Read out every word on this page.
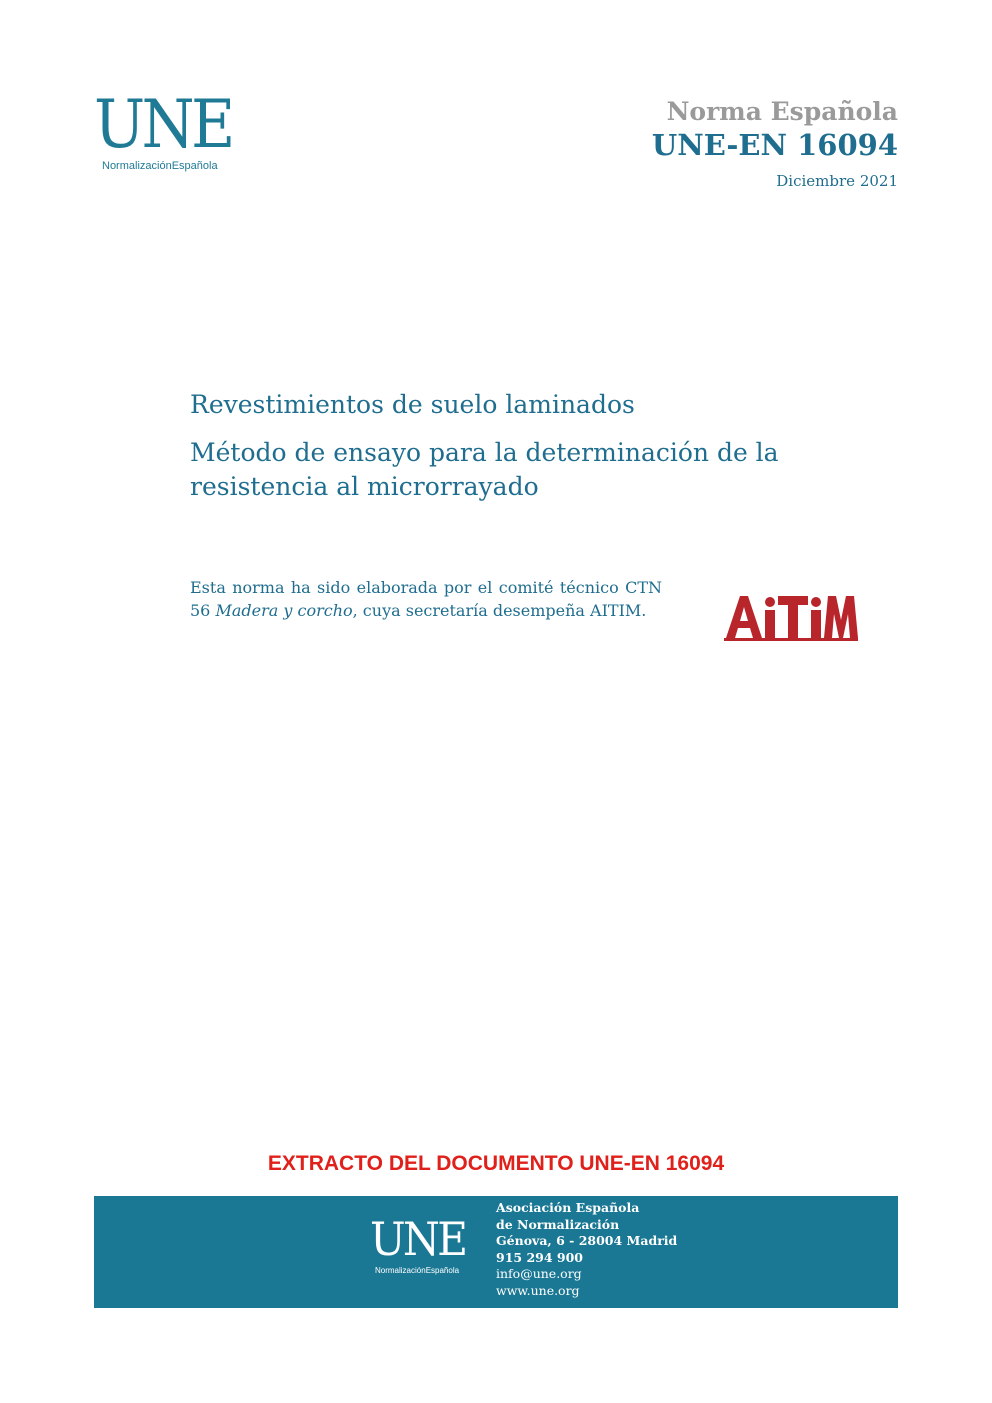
UNE
NormalizaciónEspañola
Norma Española
UNE-EN 16094
Diciembre 2021
Revestimientos de suelo laminados
Método de ensayo para la determinación de la resistencia al microrrayado
Esta norma ha sido elaborada por el comité técnico CTN 56 Madera y corcho, cuya secretaría desempeña AITIM.
EXTRACTO DEL DOCUMENTO UNE-EN 16094
UNE
NormalizaciónEspañola
Asociación Española
de Normalización
Génova, 6 - 28004 Madrid
915 294 900
info@une.org
www.une.org
